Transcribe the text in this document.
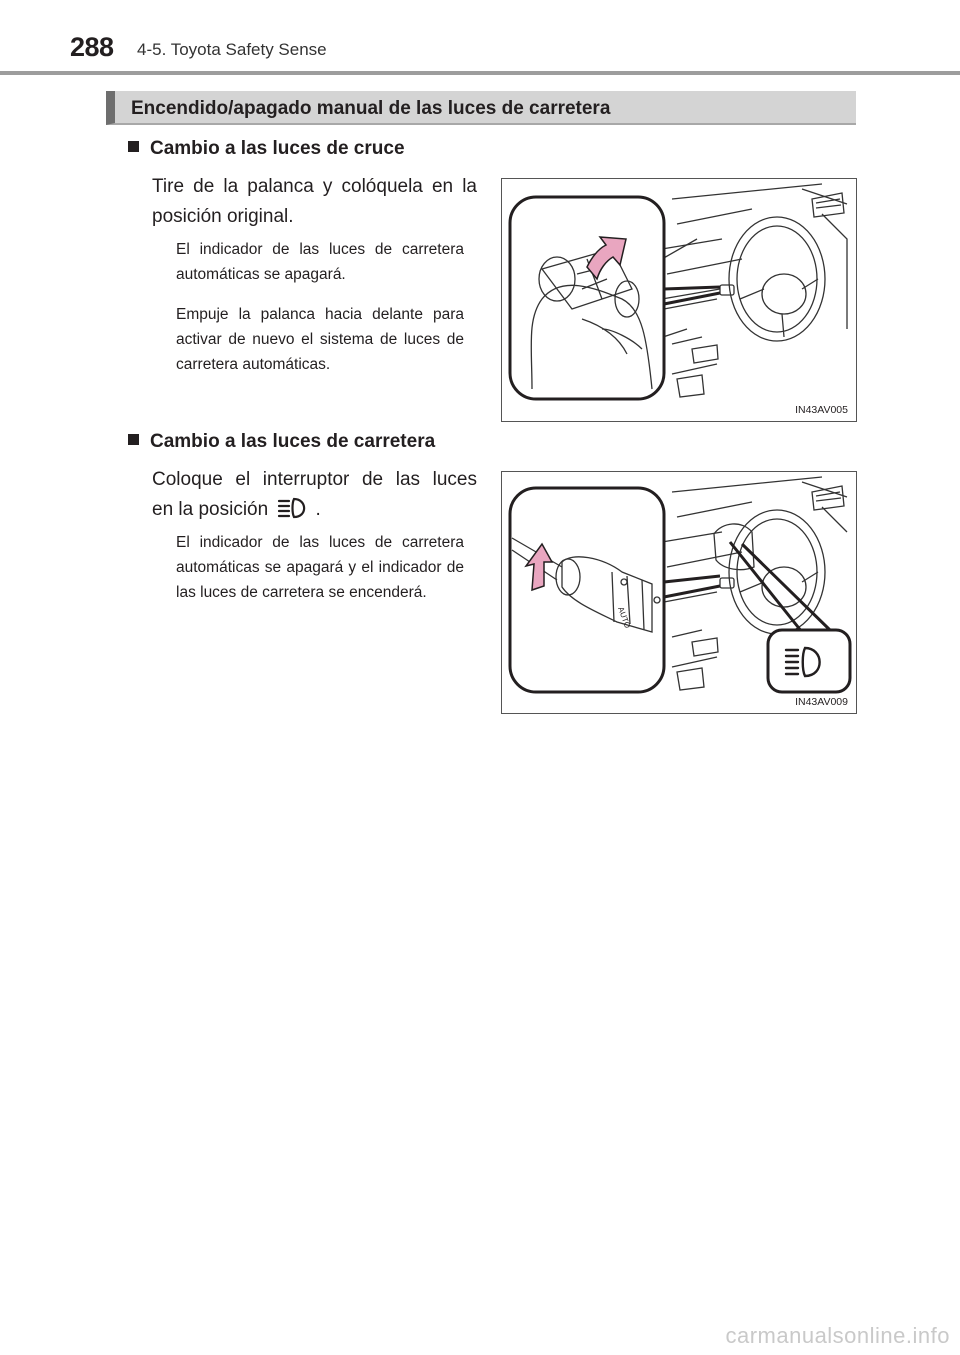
288 4-5. Toyota Safety Sense
Encendido/apagado manual de las luces de carretera
Cambio a las luces de cruce
Tire de la palanca y colóquela en la
posición original.
El indicador de las luces de carretera automáticas se apagará.
Empuje la palanca hacia delante para activar de nuevo el sistema de luces de carretera automáticas.
IN43AV005
Cambio a las luces de carretera
Coloque el interruptor de las luces
en la posición .
El indicador de las luces de carretera automáticas se apagará y el indicador de las luces de carretera se encenderá.
AUTO
IN43AV009
carmanualsonline.info
